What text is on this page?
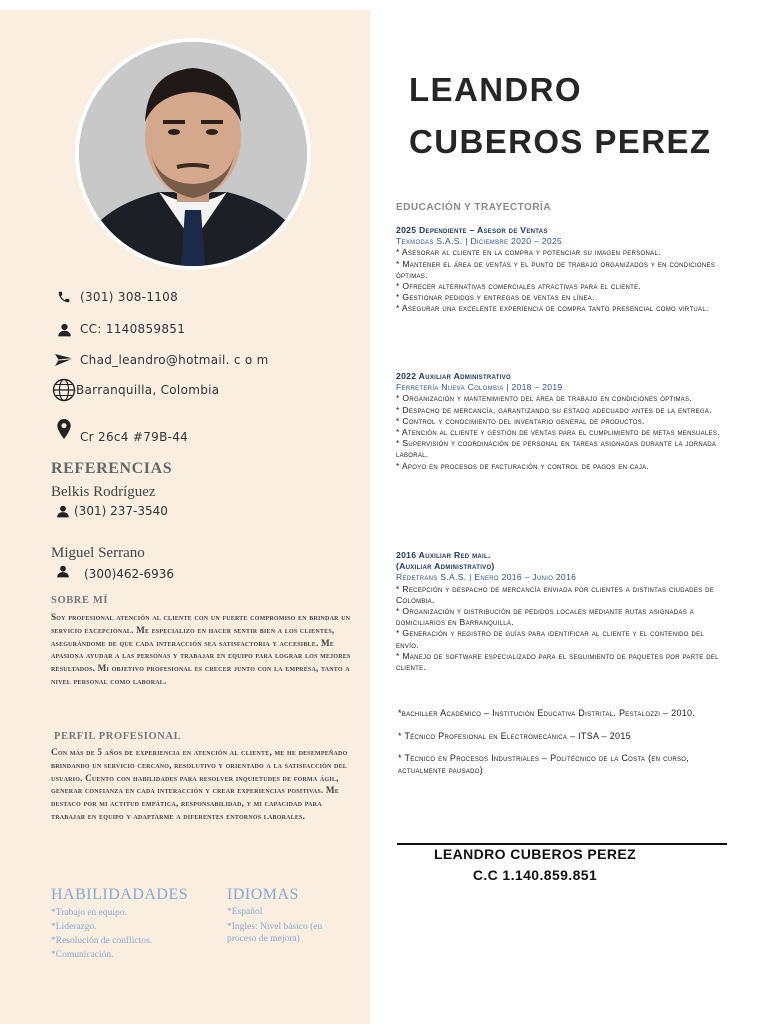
(301) 308-1108
CC: 1140859851
Chad_leandro@hotmail. c o m
Barranquilla, Colombia
Cr 26c4 #79B-44
REFERENCIAS
Belkis Rodríguez
(301) 237-3540
Miguel Serrano
(300)462-6936
SOBRE MÍ
Soy profesional atención al cliente con un fuerte compromiso en brindar un servicio excepcional. Me especializo en hacer sentir bien a los clientes, asegurándome de que cada interacción sea satisfactoria y accesible. Me apasiona ayudar a las personas y trabajar en equipo para lograr los mejores resultados. Mi objetivo profesional es crecer junto con la empresa, tanto a nivel personal como laboral.
PERFIL PROFESIONAL
Con más de 5 años de experiencia en atención al cliente, me he desempeñado brindando un servicio cercano, resolutivo y orientado a la satisfacción del usuario. Cuento con habilidades para resolver inquietudes de forma ágil, generar confianza en cada interacción y crear experiencias positivas. Me destaco por mi actitud empática, responsabilidad, y mi capacidad para trabajar en equipo y adaptarme a diferentes entornos laborales.
HABILIDADADES
*Trabajo en equipo.
*Liderazgo.
*Resolución de conflictos.
*Comunicación.
IDIOMAS
*Español
*Ingles: Nivel básico (en proceso de mejora)
LEANDRO
CUBEROS PEREZ
EDUCACIÓN Y TRAYECTORÍA
2025 Dependiente – Asesor de Ventas
Texmodas S.A.S. | Diciembre 2020 – 2025
* Asesorar al cliente en la compra y potenciar su imagen personal.
* Mantener el área de ventas y el punto de trabajo organizados y en condiciones óptimas.
* Ofrecer alternativas comerciales atractivas para el cliente.
* Gestionar pedidos y entregas de ventas en línea.
* Asegurar una excelente experiencia de compra tanto presencial como virtual.
2022 Auxiliar Administrativo
Ferretería Nueva Colombia | 2018 – 2019
* Organización y mantenimiento del área de trabajo en condiciones óptimas.
* Despacho de mercancía, garantizando su estado adecuado antes de la entrega.
* Control y conocimiento del inventario general de productos.
* Atención al cliente y gestión de ventas para el cumplimiento de metas mensuales.
* Supervisión y coordinación de personal en tareas asignadas durante la jornada laboral.
* Apoyo en procesos de facturación y control de pagos en caja.
2016 Auxiliar Red mail.
(Auxiliar Administrativo)
Redetrans S.A.S. | Enero 2016 – Junio 2016
* Recepción y despacho de mercancía enviada por clientes a distintas ciudades de Colombia.
* Organización y distribución de pedidos locales mediante rutas asignadas a domiciliarios en Barranquilla.
* Generación y registro de guías para identificar al cliente y el contenido del envío.
* Manejo de software especializado para el seguimiento de paquetes por parte del cliente.

*bachiller Académico – Institución Educativa Distrital. Pestalozzi – 2010.

* Técnico Profesional en Electromecánica – ITSA – 2015

* Técnico en Procesos Industriales – Politécnico de la Costa (en curso, actualmente pausado)

LEANDRO CUBEROS PEREZ
C.C 1.140.859.851
